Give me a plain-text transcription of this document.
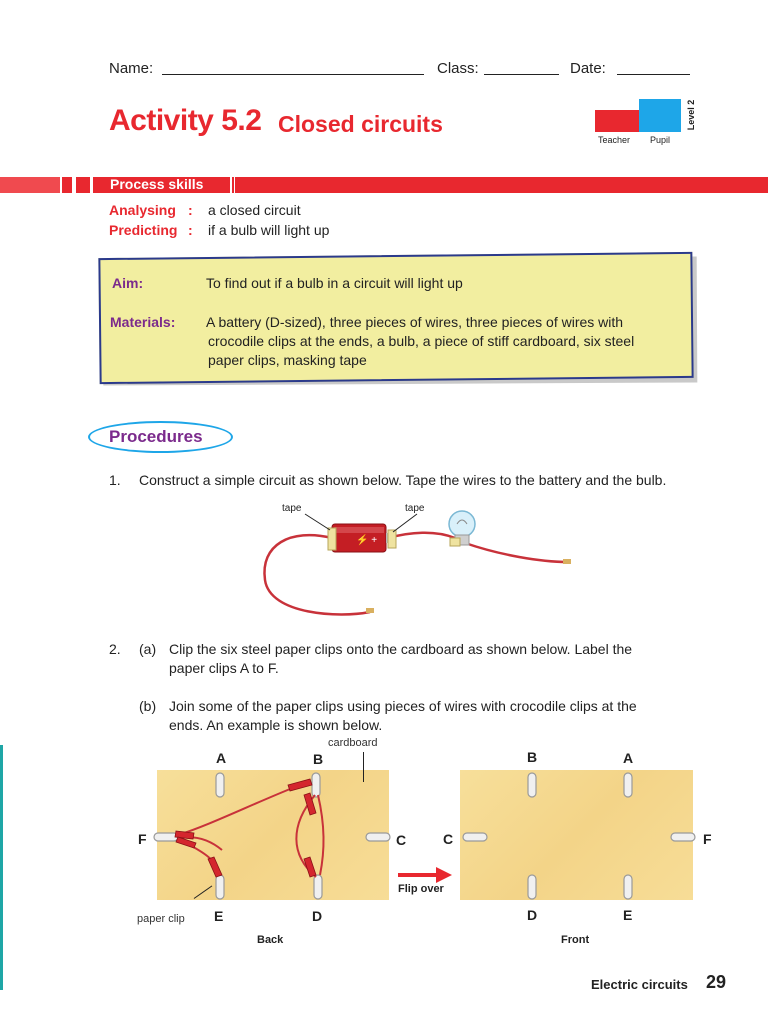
Name:	Class:	Date:
Activity 5.2 Closed circuits	Level 2
Teacher Pupil
Process skills
Analysing : a closed circuit
Predicting : if a bulb will light up
Aim:	To find out if a bulb in a circuit will light up
Materials: A battery (D-sized), three pieces of wires, three pieces of wires with
crocodile clips at the ends, a bulb, a piece of stiff cardboard, six steel
paper clips, masking tape
Procedures
1. Construct a simple circuit as shown below. Tape the wires to the battery and the bulb.
⚡ +
tape	tape
2. (a) Clip the six steel paper clips onto the cardboard as shown below. Label the
paper clips A to F.
(b) Join some of the paper clips using pieces of wires with crocodile clips at the
ends. An example is shown below.
cardboard
A	B
C
D
E
F
paper clip
Back
Flip over
B	A
F
E
D
C
Front
Electric circuits 29
